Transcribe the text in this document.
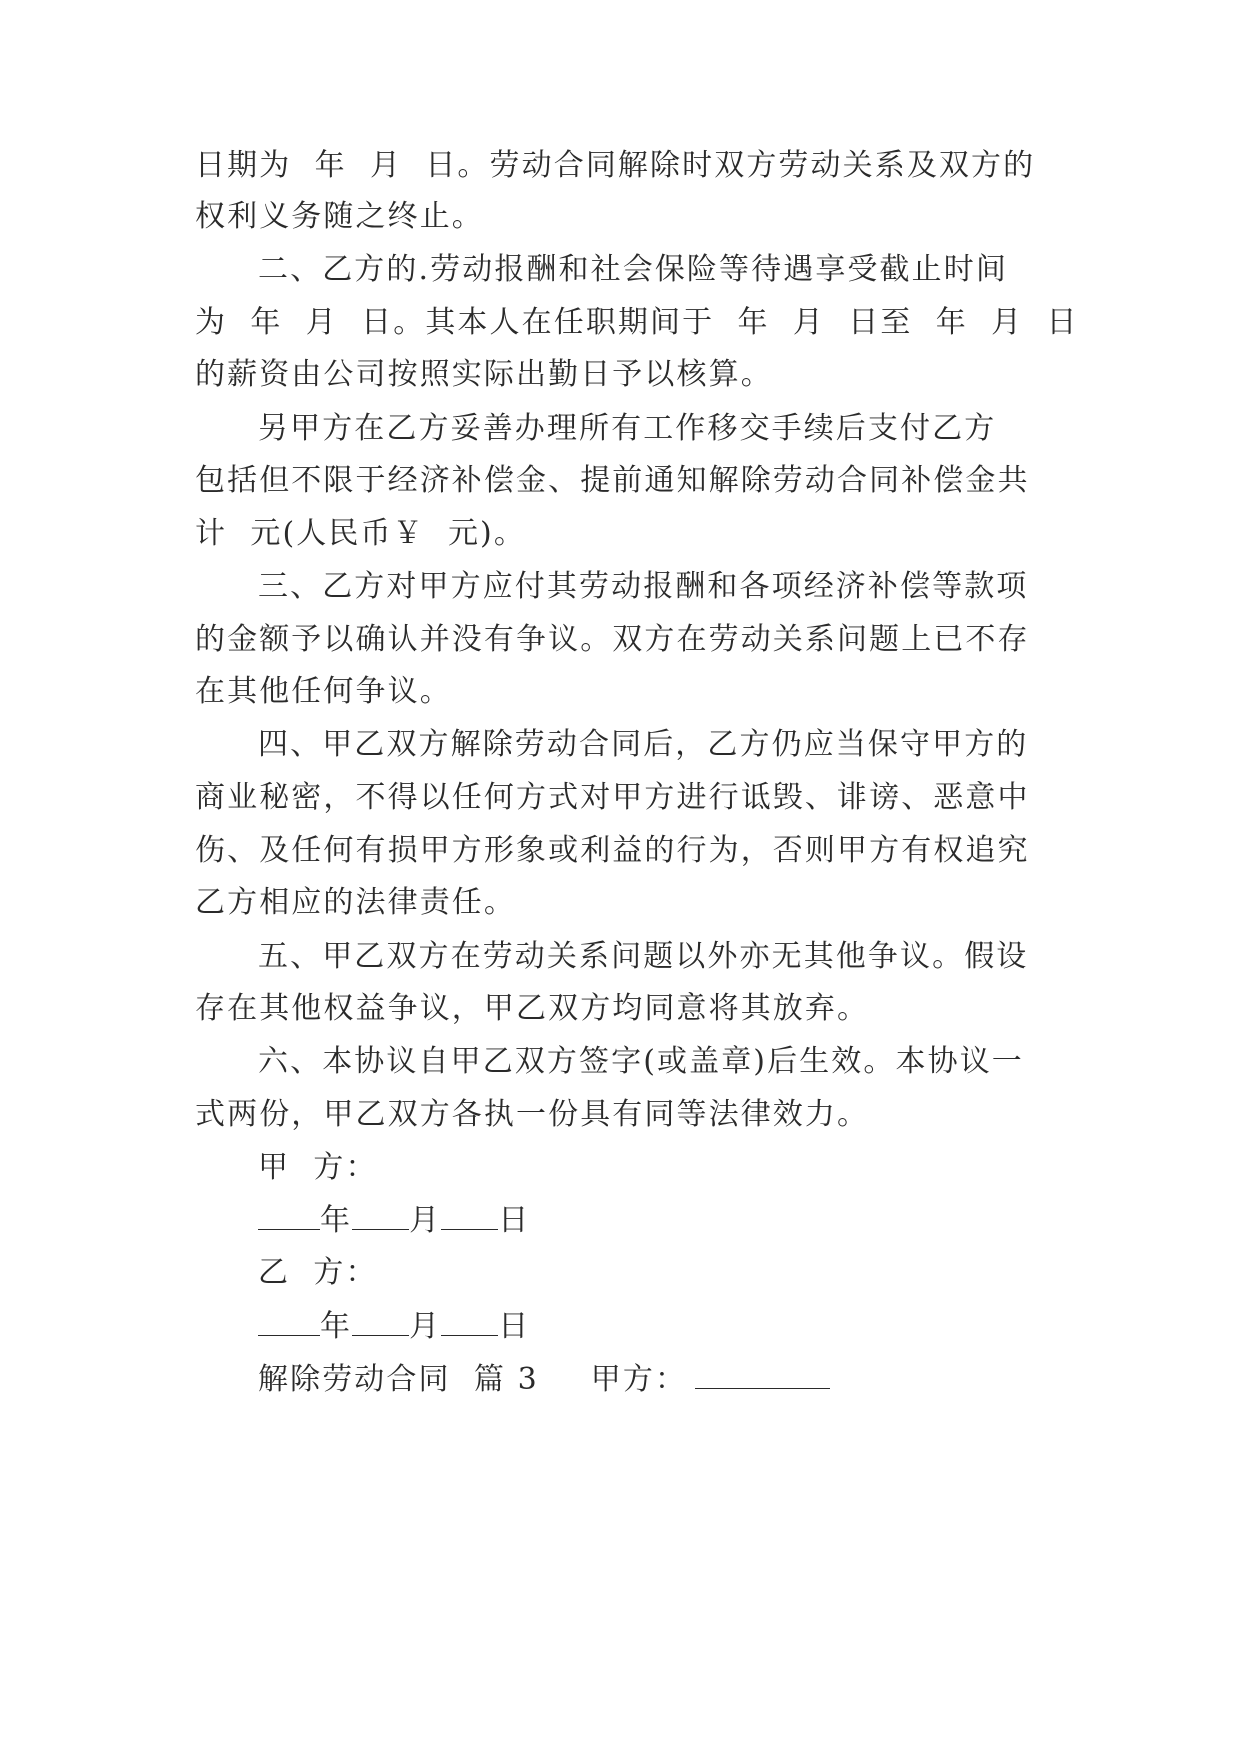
日期为  年  月  日。劳动合同解除时双方劳动关系及双方的
权利义务随之终止。
二、乙方的.劳动报酬和社会保险等待遇享受截止时间
为  年  月  日。其本人在任职期间于  年  月  日至  年  月  日
的薪资由公司按照实际出勤日予以核算。
另甲方在乙方妥善办理所有工作移交手续后支付乙方
包括但不限于经济补偿金、提前通知解除劳动合同补偿金共
计  元(人民币￥  元)。
三、乙方对甲方应付其劳动报酬和各项经济补偿等款项
的金额予以确认并没有争议。双方在劳动关系问题上已不存
在其他任何争议。
四、甲乙双方解除劳动合同后，乙方仍应当保守甲方的
商业秘密，不得以任何方式对甲方进行诋毁、诽谤、恶意中
伤、及任何有损甲方形象或利益的行为，否则甲方有权追究
乙方相应的法律责任。
五、甲乙双方在劳动关系问题以外亦无其他争议。假设
存在其他权益争议，甲乙双方均同意将其放弃。
六、本协议自甲乙双方签字(或盖章)后生效。本协议一
式两份，甲乙双方各执一份具有同等法律效力。
甲  方：
年 月 日
乙  方：
年 月 日
解除劳动合同  篇 3 甲方：
